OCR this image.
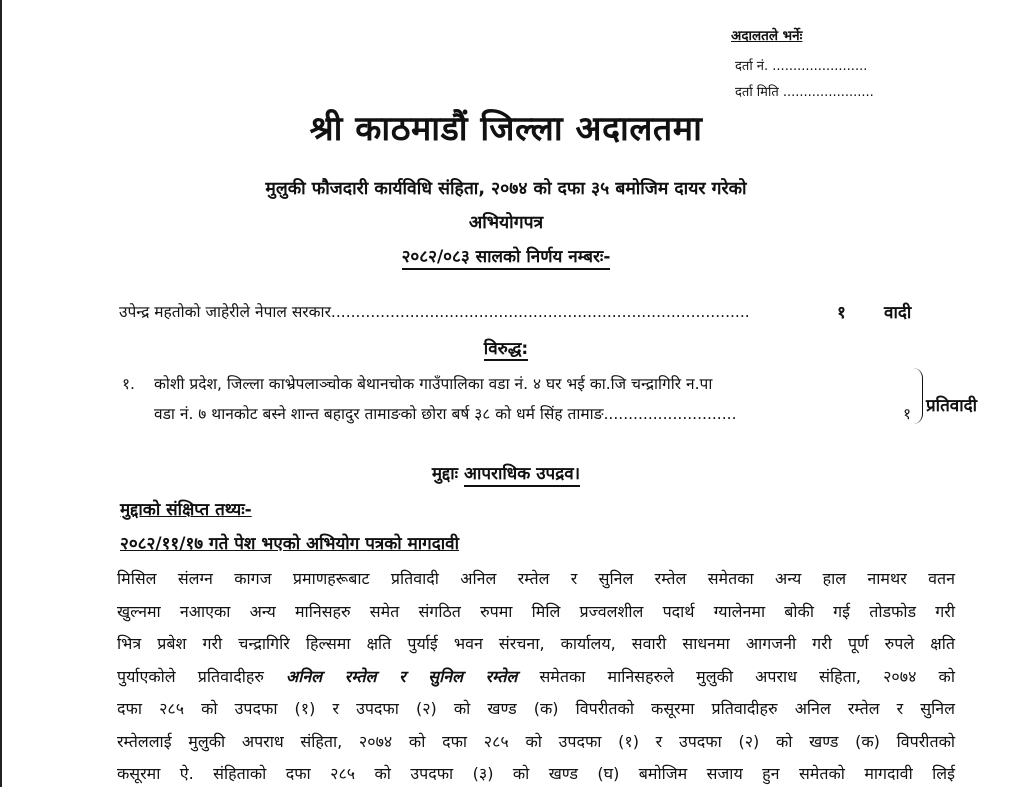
अदालतले भर्नेः
दर्ता नं. .......................
दर्ता मिति ......................
श्री काठमाडौं जिल्ला अदालतमा
मुलुकी फौजदारी कार्यविधि संहिता, २०७४ को दफा ३५ बमोजिम दायर गरेको
अभियोगपत्र
२०८२/०८३ सालको निर्णय नम्बरः-
उपेन्द्र महतोको जाहेरीले नेपाल सरकार.....................................................................................	१ वादी
विरुद्ध:
१. कोशी प्रदेश, जिल्ला काभ्रेपलाञ्चोक बेथानचोक गाउँपालिका वडा नं. ४ घर भई का.जि चन्द्रागिरि न.पा
वडा नं. ७ थानकोट बस्ने शान्त बहादुर तामाङको छोरा बर्ष ३८ को धर्म सिंह तामाङ...........................	१ प्रतिवादी
मुद्दाः आपराधिक उपद्रव।
मुद्दाको संक्षिप्त तथ्यः-
२०८२/११/१७ गते पेश भएको अभियोग पत्रको मागदावी
मिसिल संलग्न कागज प्रमाणहरूबाट प्रतिवादी अनिल रम्तेल र सुनिल रम्तेल समेतका अन्य हाल नामथर वतन
खुल्नमा नआएका अन्य मानिसहरु समेत संगठित रुपमा मिलि प्रज्वलशील पदार्थ ग्यालेनमा बोकी गई तोडफोड गरी
भित्र प्रबेश गरी चन्द्रागिरि हिल्समा क्षति पुर्याई भवन संरचना, कार्यालय, सवारी साधनमा आगजनी गरी पूर्ण रुपले क्षति
पुर्याएकोले प्रतिवादीहरु अनिल रम्तेल र सुनिल रम्तेल समेतका मानिसहरुले मुलुकी अपराध संहिता, २०७४ को
दफा २८५ को उपदफा (१) र उपदफा (२) को खण्ड (क) विपरीतको कसूरमा प्रतिवादीहरु अनिल रम्तेल र सुनिल
रम्तेललाई मुलुकी अपराध संहिता, २०७४ को दफा २८५ को उपदफा (१) र उपदफा (२) को खण्ड (क) विपरीतको
कसूरमा ऐ. संहिताको दफा २८५ को उपदफा (३) को खण्ड (घ) बमोजिम सजाय हुन समेतको मागदावी लिई
